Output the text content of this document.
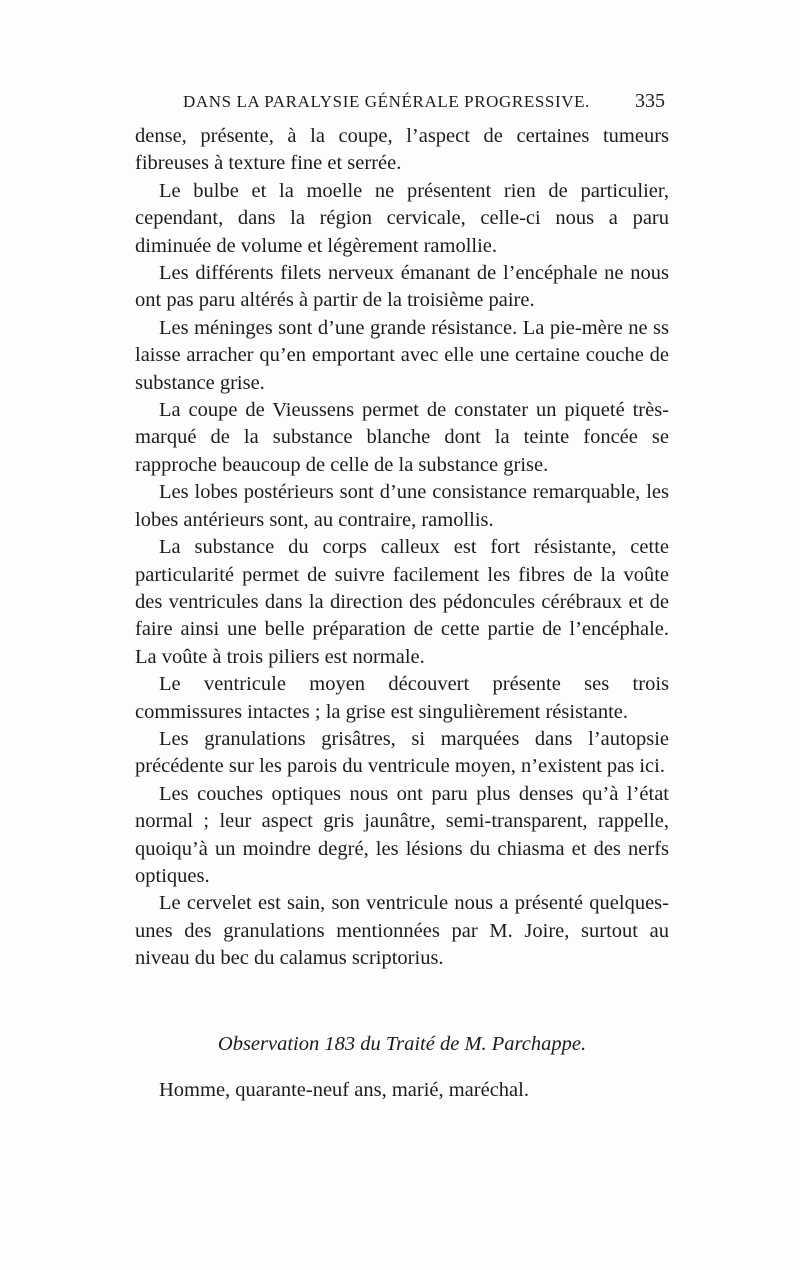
DANS LA PARALYSIE GÉNÉRALE PROGRESSIVE. 335

dense, présente, à la coupe, l’aspect de certaines tumeurs fibreuses à texture fine et serrée.

Le bulbe et la moelle ne présentent rien de particulier, cependant, dans la région cervicale, celle-ci nous a paru diminuée de volume et légèrement ramollie.

Les différents filets nerveux émanant de l’encéphale ne nous ont pas paru altérés à partir de la troisième paire.

Les méninges sont d’une grande résistance. La pie-mère ne ss laisse arracher qu’en emportant avec elle une certaine couche de substance grise.

La coupe de Vieussens permet de constater un piqueté très-marqué de la substance blanche dont la teinte foncée se rapproche beaucoup de celle de la substance grise.

Les lobes postérieurs sont d’une consistance remarquable, les lobes antérieurs sont, au contraire, ramollis.

La substance du corps calleux est fort résistante, cette particularité permet de suivre facilement les fibres de la voûte des ventricules dans la direction des pédoncules cérébraux et de faire ainsi une belle préparation de cette partie de l’encéphale. La voûte à trois piliers est normale.

Le ventricule moyen découvert présente ses trois commissures intactes ; la grise est singulièrement résistante.

Les granulations grisâtres, si marquées dans l’autopsie précédente sur les parois du ventricule moyen, n’existent pas ici.

Les couches optiques nous ont paru plus denses qu’à l’état normal ; leur aspect gris jaunâtre, semi-transparent, rappelle, quoiqu’à un moindre degré, les lésions du chiasma et des nerfs optiques.

Le cervelet est sain, son ventricule nous a présenté quelques-unes des granulations mentionnées par M. Joire, surtout au niveau du bec du calamus scriptorius.

Observation 183 du Traité de M. Parchappe.
Homme, quarante-neuf ans, marié, maréchal.
